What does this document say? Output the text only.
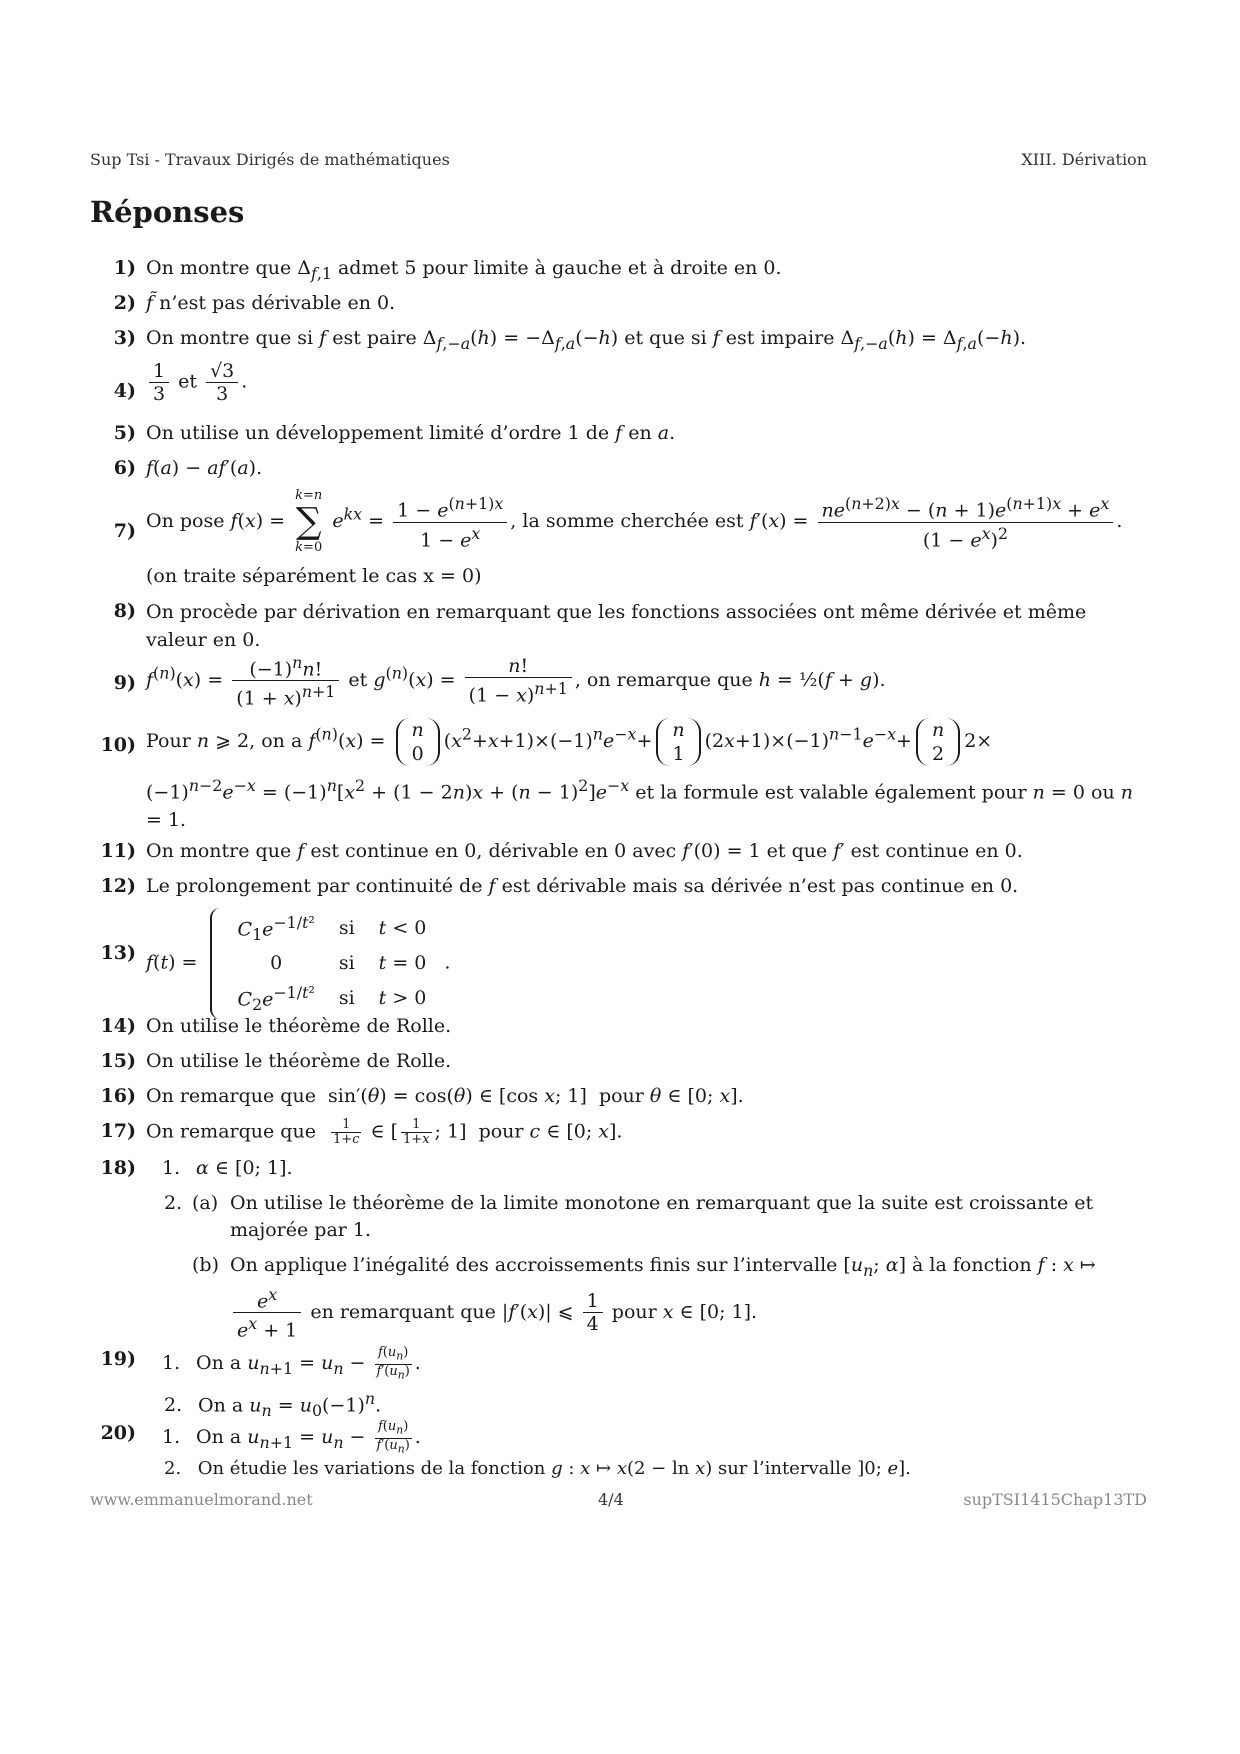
Sup Tsi - Travaux Dirigés de mathématiques	XIII. Dérivation
Réponses
1) On montre que $\Delta_{f,1}$ admet 5 pour limite à gauche et à droite en 0.
2) f̃ n’est pas dérivable en 0.
3) On montre que si f est paire $\Delta_{f,-a}(h) = -\Delta_{f,a}(-h)$ et que si f est impaire $\Delta_{f,-a}(h) = \Delta_{f,a}(-h)$.
$4) \frac{1}{3}$ et $\frac{√3}{3}$ .
5) On utilise un développement limité d’ordre 1 de f en a.
6) f(a) − af′(a).
7) On pose f(x) =
k=n
∑
k=0
$e^{kx} = \frac{1 - e^{(n+1)x}}{1 - e^x}$ , la somme cherchée est $f'(x) = \frac{ne^{(n+2)x} - (n + 1)e^{(n+1)x} + e^x}{(1 - e^x)^2}$ .
(on traite séparément le cas x = 0)
8) On procède par dérivation en remarquant que les fonctions associées ont même dérivée et même valeur en 0.
9) $f^{(n)}(x) = \frac{(-1)^nn!}{(1 + x)^{n+1}}$ et $g^{(n)}(x) = \frac{n!}{(1 - x)^{n+1}}$ , on remarque que h = ½(f + g).
10) Pour n ⩾ 2, on a $f^{(n)}(x) = n$
0
$(x^2+x+1)\times(-1)^ne^{-x}+ n$
1
$(2x+1)\times(-1)^{n-1}e^{-x}+ n$
2
2×
$(-1)^{n-2}e^{-x} = (-1)^n[x^2 + (1 - 2n)x + (n - 1)^2]e^{-x}$ et la formule est valable également pour n = 0 ou n = 1.
11) On montre que f est continue en 0, dérivable en 0 avec f′(0) = 1 et que f′ est continue en 0.
12) Le prolongement par continuité de f est dérivable mais sa dérivée n’est pas continue en 0.
13) f(t) =
$C_1e^{-1/t^2}$	si	t < 0
0	si	t = 0
$C_2e^{-1/t^2}$	si	t > 0
.
14) On utilise le théorème de Rolle.
15) On utilise le théorème de Rolle.
16) On remarque que  sin′(θ) = cos(θ) ∈ [cos x; 1]  pour θ ∈ [0; x].
17) On remarque que $\frac{1}{1+c}$ ∈ [ $\frac{1}{1+x}$ ; 1]  pour c ∈ [0; x].
18) 1. α ∈ [0; 1].
2. (a) On utilise le théorème de la limite monotone en remarquant que la suite est croissante et majorée par 1.
(b) On applique l’inégalité des accroissements finis sur l’intervalle [$u_n$; α] à la fonction f : x ↦

$\frac{e^x}{e^x + 1}$ en remarquant que |f′(x)| ⩽ $\frac{1}{4}$ pour x ∈ [0; 1].
19) 1. On a $u_{n+1} = u_n - \frac{f(u_n)}{f'(u_n)}$ .
2. On a $u_n = u_0(-1)^n$.
20) 1. On a $u_{n+1} = u_n - \frac{f(u_n)}{f'(u_n)}$ .
2. On étudie les variations de la fonction g : x ↦ x(2 − ln x) sur l’intervalle ]0; e].
www.emmanuelmorand.net	4/4	supTSI1415Chap13TD
